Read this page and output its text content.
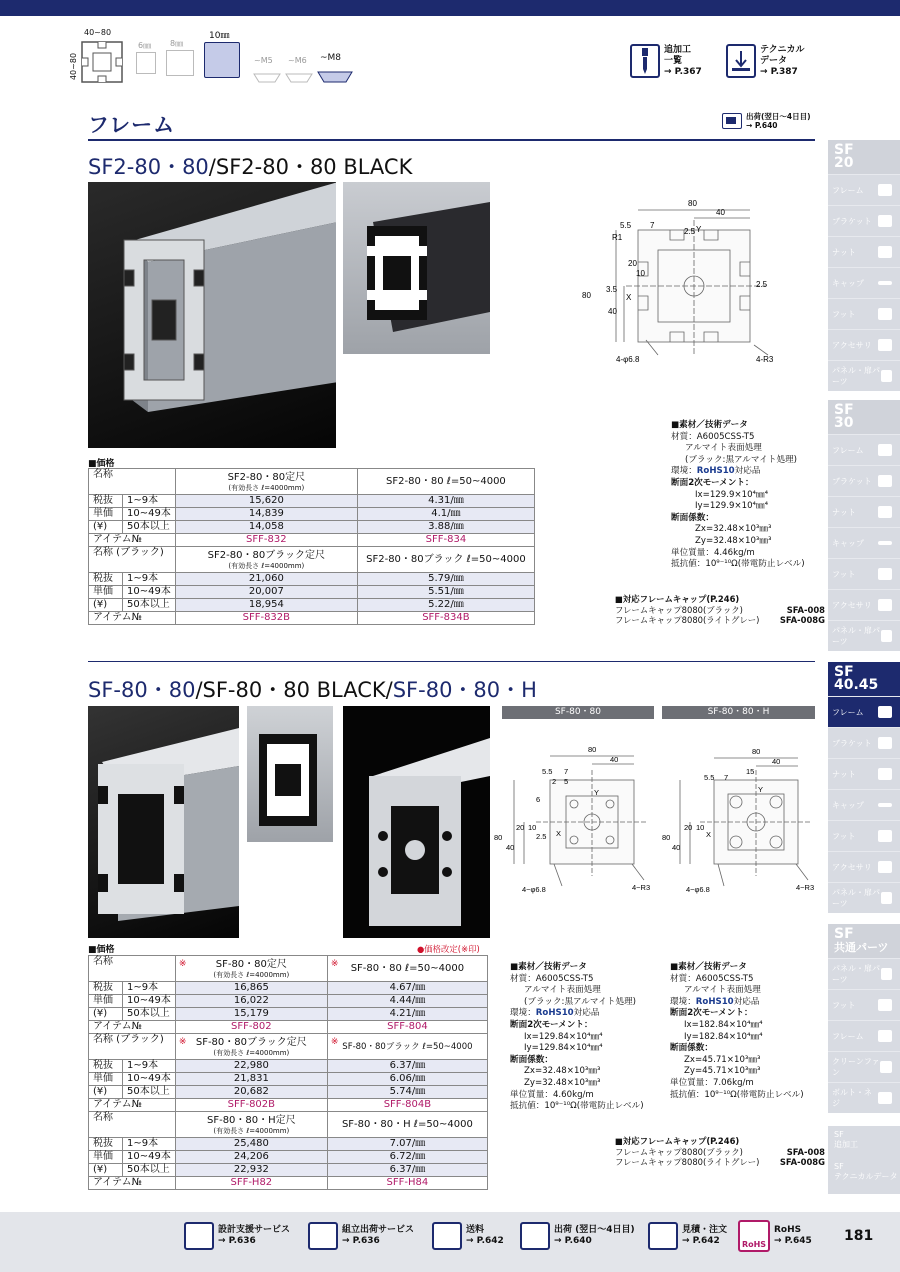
40~80
40~80
6㎜ 8㎜
10㎜
~M5 ~M6 ~M8
追加工
一覧
→ P.367
テクニカル
データ
→ P.387
フレーム	出荷(翌日〜4日目)
→ P.640
SF2-80・80/SF2-80・80 BLACK
80
40
5.5 7
2.5 Y
R1
20
10
80
40
3.5
X
2.5
4-φ6.8	4-R3
■価格
名称		SF2-80・80定尺
(有効長さ ℓ=4000mm)	SF2-80・80 ℓ=50~4000
税抜	1~9本	15,620	4.31/㎜
単価	10~49本	14,839	4.1/㎜
(¥)	50本以上	14,058	3.88/㎜
アイテム№		SFF-832	SFF-834
名称 (ブラック)		SF2-80・80ブラック定尺
(有効長さ ℓ=4000mm)	SF2-80・80ブラック ℓ=50~4000
税抜	1~9本	21,060	5.79/㎜
単価	10~49本	20,007	5.51/㎜
(¥)	50本以上	18,954	5.22/㎜
アイテム№		SFF-832B	SFF-834B
■素材／技術データ
材質：A6005CSS-T5
アルマイト表面処理
(ブラック:黒アルマイト処理)
環境：RoHS10対応品
断面2次モーメント：
Ix=129.9×10⁴㎜⁴
Iy=129.9×10⁴㎜⁴
断面係数：
Zx=32.48×10³㎜³
Zy=32.48×10³㎜³
単位質量：4.46kg/m
抵抗値：10⁹⁻¹⁰Ω(帯電防止レベル)
■対応フレームキャップ(P.246)
フレームキャップ8080(ブラック)	SFA-008
フレームキャップ8080(ライトグレー) SFA-008G
SF-80・80/SF-80・80 BLACK/SF-80・80・H
SF-80・80	SF-80・80・H
80
40
5.5 7
2 5
6
Y
80
40
20 10
2.5 X
4−φ6.8	4−R3
80
40
5.5 7
15
Y
80
40
20 10
X
4−φ6.8	4−R3
■価格	●価格改定(※印)
名称		※ SF-80・80定尺
(有効長さ ℓ=4000mm)	※ SF-80・80 ℓ=50~4000
税抜	1~9本	16,865	4.67/㎜
単価	10~49本	16,022	4.44/㎜
(¥)	50本以上	15,179	4.21/㎜
アイテム№		SFF-802	SFF-804
名称 (ブラック)		※ SF-80・80ブラック定尺
(有効長さ ℓ=4000mm)	※ SF-80・80ブラック ℓ=50~4000
税抜	1~9本	22,980	6.37/㎜
単価	10~49本	21,831	6.06/㎜
(¥)	50本以上	20,682	5.74/㎜
アイテム№		SFF-802B	SFF-804B
名称		SF-80・80・H定尺
(有効長さ ℓ=4000mm)	SF-80・80・H ℓ=50~4000
税抜	1~9本	25,480	7.07/㎜
単価	10~49本	24,206	6.72/㎜
(¥)	50本以上	22,932	6.37/㎜
アイテム№		SFF-H82	SFF-H84
■素材／技術データ
材質：A6005CSS-T5
アルマイト表面処理
(ブラック:黒アルマイト処理)
環境：RoHS10対応品
断面2次モーメント：
Ix=129.84×10⁴㎜⁴
Iy=129.84×10⁴㎜⁴
断面係数：
Zx=32.48×10³㎜³
Zy=32.48×10³㎜³
単位質量：4.60kg/m
抵抗値：10⁹⁻¹⁰Ω(帯電防止レベル)
■素材／技術データ
材質：A6005CSS-T5
アルマイト表面処理
環境：RoHS10対応品
断面2次モーメント：
Ix=182.84×10⁴㎜⁴
Iy=182.84×10⁴㎜⁴
断面係数：
Zx=45.71×10³㎜³
Zy=45.71×10³㎜³
単位質量：7.06kg/m
抵抗値：10⁹⁻¹⁰Ω(帯電防止レベル)
■対応フレームキャップ(P.246)
フレームキャップ8080(ブラック)	SFA-008
フレームキャップ8080(ライトグレー) SFA-008G
SF
20
フレーム
ブラケット
ナット
キャップ
フット
アクセサリ
パネル・扉パーツ
SF
30
フレーム
ブラケット
ナット
キャップ
フット
アクセサリ
パネル・扉パーツ
SF
40.45
フレーム
ブラケット
ナット
キャップ
フット
アクセサリ
パネル・扉パーツ
SF
共通パーツ
パネル・扉パーツ
フット
フレーム
クリーンファン
ボルト・ネジ
SF
追加工
SF
テクニカルデータ
設計支援サービス
→ P.636
組立出荷サービス
→ P.636
送料
→ P.642
出荷 (翌日〜4日目)
→ P.640
見積・注文
→ P.642	RoHS
RoHS
→ P.645 181
